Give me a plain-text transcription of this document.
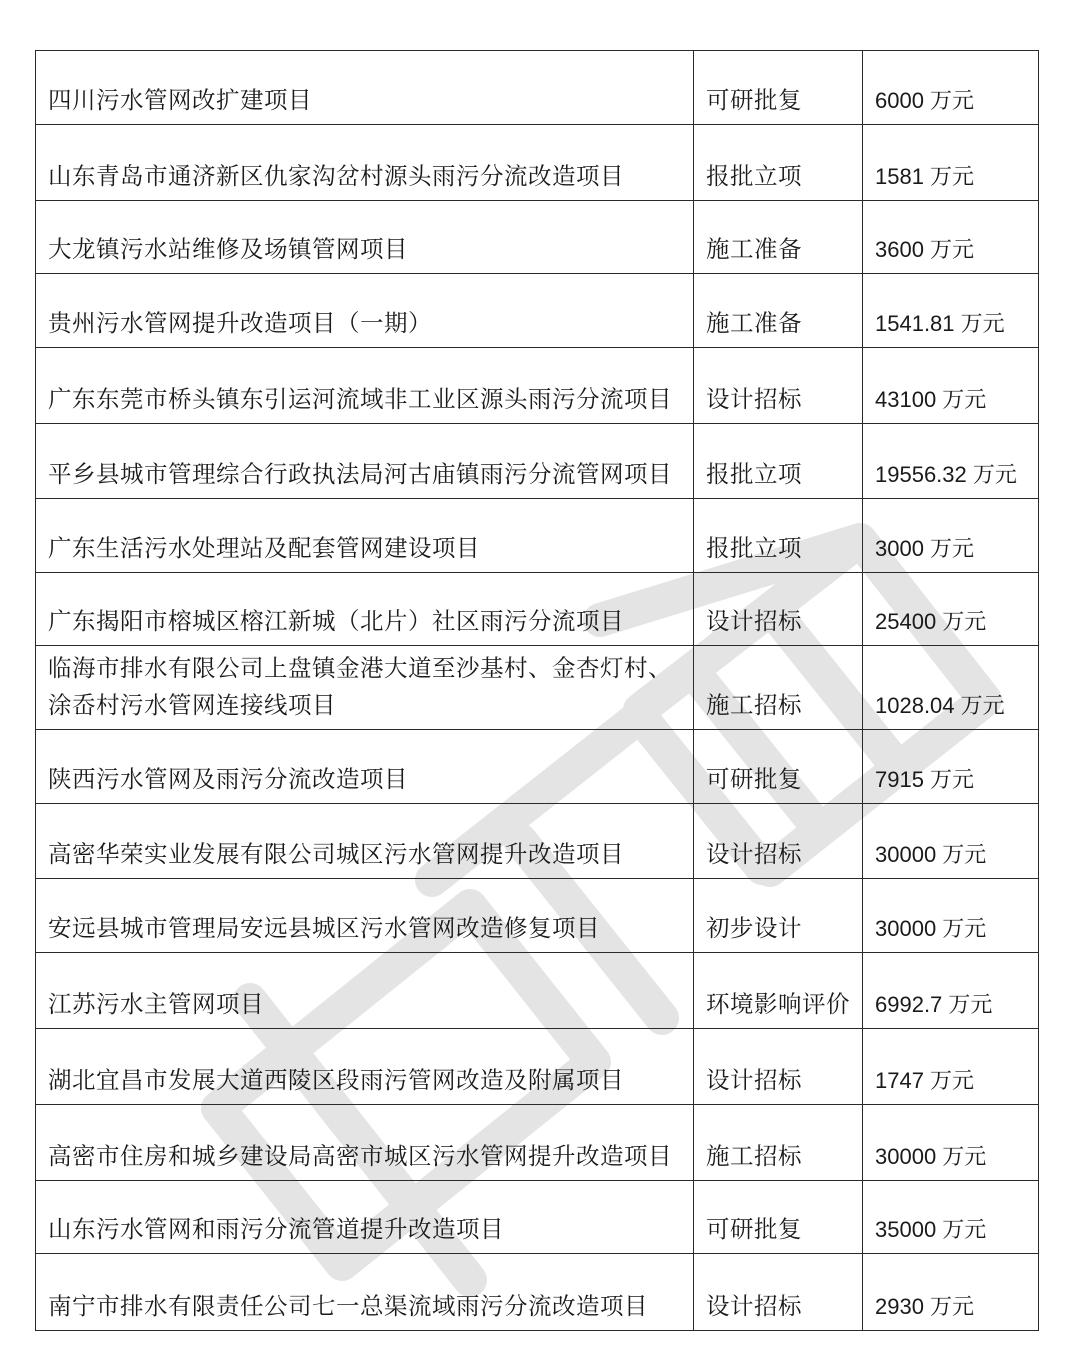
四川污水管网改扩建项目	可研批复	6000 万元
山东青岛市通济新区仇家沟岔村源头雨污分流改造项目	报批立项	1581 万元
大龙镇污水站维修及场镇管网项目	施工准备	3600 万元
贵州污水管网提升改造项目（一期）	施工准备	1541.81 万元
广东东莞市桥头镇东引运河流域非工业区源头雨污分流项目	设计招标	43100 万元
平乡县城市管理综合行政执法局河古庙镇雨污分流管网项目	报批立项	19556.32 万元
广东生活污水处理站及配套管网建设项目	报批立项	3000 万元
广东揭阳市榕城区榕江新城（北片）社区雨污分流项目	设计招标	25400 万元
临海市排水有限公司上盘镇金港大道至沙基村、金杏灯村、涂岙村污水管网连接线项目	施工招标	1028.04 万元
陕西污水管网及雨污分流改造项目	可研批复	7915 万元
高密华荣实业发展有限公司城区污水管网提升改造项目	设计招标	30000 万元
安远县城市管理局安远县城区污水管网改造修复项目	初步设计	30000 万元
江苏污水主管网项目	环境影响评价	6992.7 万元
湖北宜昌市发展大道西陵区段雨污管网改造及附属项目	设计招标	1747 万元
高密市住房和城乡建设局高密市城区污水管网提升改造项目	施工招标	30000 万元
山东污水管网和雨污分流管道提升改造项目	可研批复	35000 万元
南宁市排水有限责任公司七一总渠流域雨污分流改造项目	设计招标	2930 万元
